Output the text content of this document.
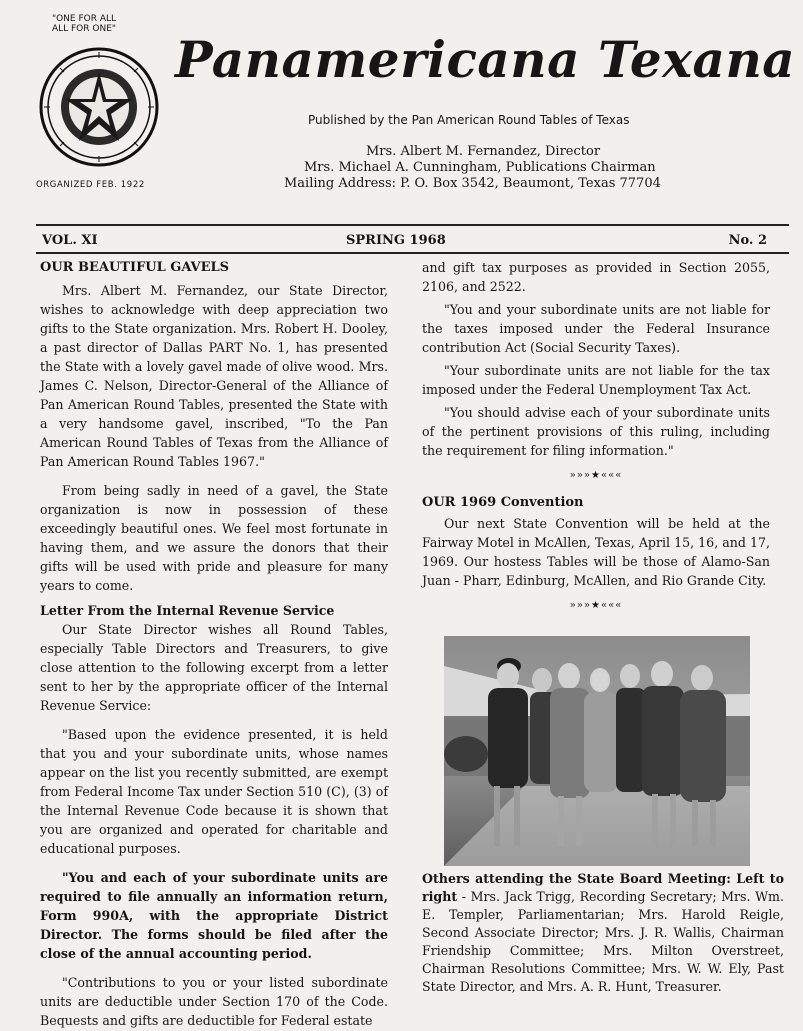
"ONE FOR ALL
ALL FOR ONE"
ORGANIZED FEB. 1922
Panamericana Texana
Published by the Pan American Round Tables of Texas
Mrs. Albert M. Fernandez, Director
Mrs. Michael A. Cunningham, Publications Chairman
Mailing Address: P. O. Box 3542, Beaumont, Texas 77704
VOL. XI	SPRING 1968	No. 2

OUR BEAUTIFUL GAVELS

Mrs. Albert M. Fernandez, our State Director, wishes to acknowledge with deep appreciation two gifts to the State organization. Mrs. Robert H. Dooley, a past director of Dallas PART No. 1, has presented the State with a lovely gavel made of olive wood. Mrs. James C. Nelson, Director-General of the Alliance of Pan American Round Tables, presented the State with a very handsome gavel, inscribed, "To the Pan American Round Tables of Texas from the Alliance of Pan American Round Tables 1967."

From being sadly in need of a gavel, the State organization is now in possession of these exceedingly beautiful ones. We feel most fortunate in having them, and we assure the donors that their gifts will be used with pride and pleasure for many years to come.

Letter From the Internal Revenue Service

Our State Director wishes all Round Tables, especially Table Directors and Treasurers, to give close attention to the following excerpt from a letter sent to her by the appropriate officer of the Internal Revenue Service:

"Based upon the evidence presented, it is held that you and your subordinate units, whose names appear on the list you recently submitted, are exempt from Federal Income Tax under Section 510 (C), (3) of the Internal Revenue Code because it is shown that you are organized and operated for charitable and educational purposes.

"You and each of your subordinate units are required to file annually an information return, Form 990A, with the appropriate District Director. The forms should be filed after the close of the annual accounting period.

"Contributions to you or your listed subordinate units are deductible under Section 170 of the Code. Bequests and gifts are deductible for Federal estate

and gift tax purposes as provided in Section 2055, 2106, and 2522.

"You and your subordinate units are not liable for the taxes imposed under the Federal Insurance contribution Act (Social Security Taxes).

"Your subordinate units are not liable for the tax imposed under the Federal Unemployment Tax Act.

"You should advise each of your subordinate units of the pertinent provisions of this ruling, including the requirement for filing information."

»»»★«««

OUR 1969 Convention

Our next State Convention will be held at the Fairway Motel in McAllen, Texas, April 15, 16, and 17, 1969. Our hostess Tables will be those of Alamo-San Juan - Pharr, Edinburg, McAllen, and Rio Grande City.

»»»★«««

Others attending the State Board Meeting: Left to right - Mrs. Jack Trigg, Recording Secretary; Mrs. Wm. E. Templer, Parliamentarian; Mrs. Harold Reigle, Second Associate Director; Mrs. J. R. Wallis, Chairman Friendship Committee; Mrs. Milton Overstreet, Chairman Resolutions Committee; Mrs. W. W. Ely, Past State Director, and Mrs. A. R. Hunt, Treasurer.
